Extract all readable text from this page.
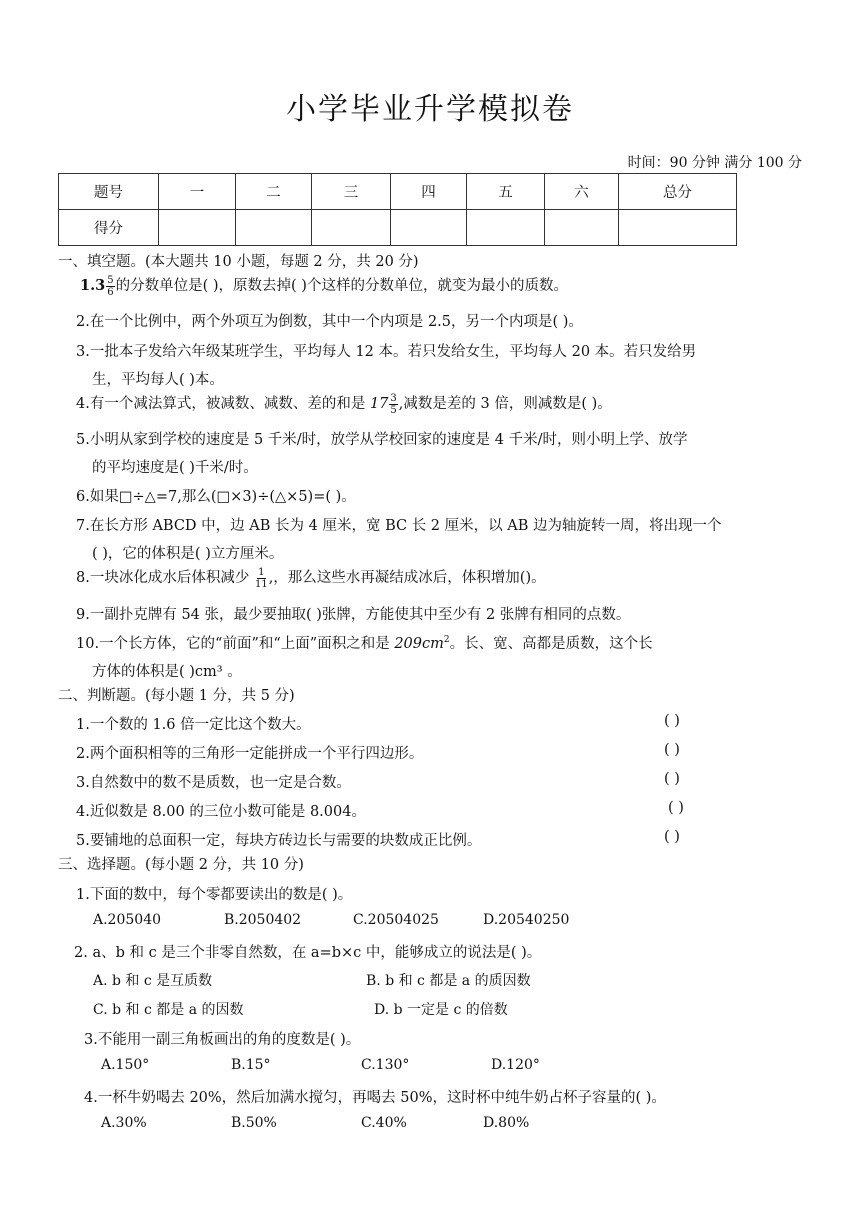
小学毕业升学模拟卷
时间：90 分钟 满分 100 分
题号	一	二	三	四	五	六	总分
得分							
一、填空题。(本大题共 10 小题，每题 2 分，共 20 分)
$1.3 \frac{5}{6}$ 的分数单位是( )，原数去掉( )个这样的分数单位，就变为最小的质数。
2.在一个比例中，两个外项互为倒数，其中一个内项是 2.5，另一个内项是( )。
3.一批本子发给六年级某班学生，平均每人 12 本。若只发给女生，平均每人 20 本。若只发给男
生，平均每人( )本。
4.有一个减法算式，被减数、减数、差的和是 $17 \frac{3}{5}$ ,减数是差的 3 倍，则减数是( )。
5.小明从家到学校的速度是 5 千米/时，放学从学校回家的速度是 4 千米/时，则小明上学、放学
的平均速度是( )千米/时。
6.如果□÷△=7,那么(□×3)÷(△×5)=( )。
7.在长方形 ABCD 中，边 AB 长为 4 厘米，宽 BC 长 2 厘米，以 AB 边为轴旋转一周，将出现一个
( )，它的体积是( )立方厘米。
8.一块冰化成水后体积减少 $\frac{1}{11}$ ,，那么这些水再凝结成冰后，体积增加()。
9.一副扑克牌有 54 张，最少要抽取( )张牌，方能使其中至少有 2 张牌有相同的点数。
10.一个长方体，它的“前面”和“上面”面积之和是 $209cm^2$。长、宽、高都是质数，这个长
方体的体积是( )cm³ 。
二、判断题。(每小题 1 分，共 5 分)
1.一个数的 1.6 倍一定比这个数大。	( )
2.两个面积相等的三角形一定能拼成一个平行四边形。	( )
3.自然数中的数不是质数，也一定是合数。	( )
4.近似数是 8.00 的三位小数可能是 8.004。	( )
5.要铺地的总面积一定，每块方砖边长与需要的块数成正比例。	( )
三、选择题。(每小题 2 分，共 10 分)
1.下面的数中，每个零都要读出的数是( )。
A.205040	B.2050402	C.20504025	D.20540250
2. a、b 和 c 是三个非零自然数，在 a=b×c 中，能够成立的说法是( )。
A. b 和 c 是互质数	B. b 和 c 都是 a 的质因数
C. b 和 c 都是 a 的因数	D. b 一定是 c 的倍数
3.不能用一副三角板画出的角的度数是( )。
A.150°	B.15°	C.130°	D.120°
4.一杯牛奶喝去 20%，然后加满水搅匀，再喝去 50%，这时杯中纯牛奶占杯子容量的( )。
A.30%	B.50%	C.40%	D.80%
